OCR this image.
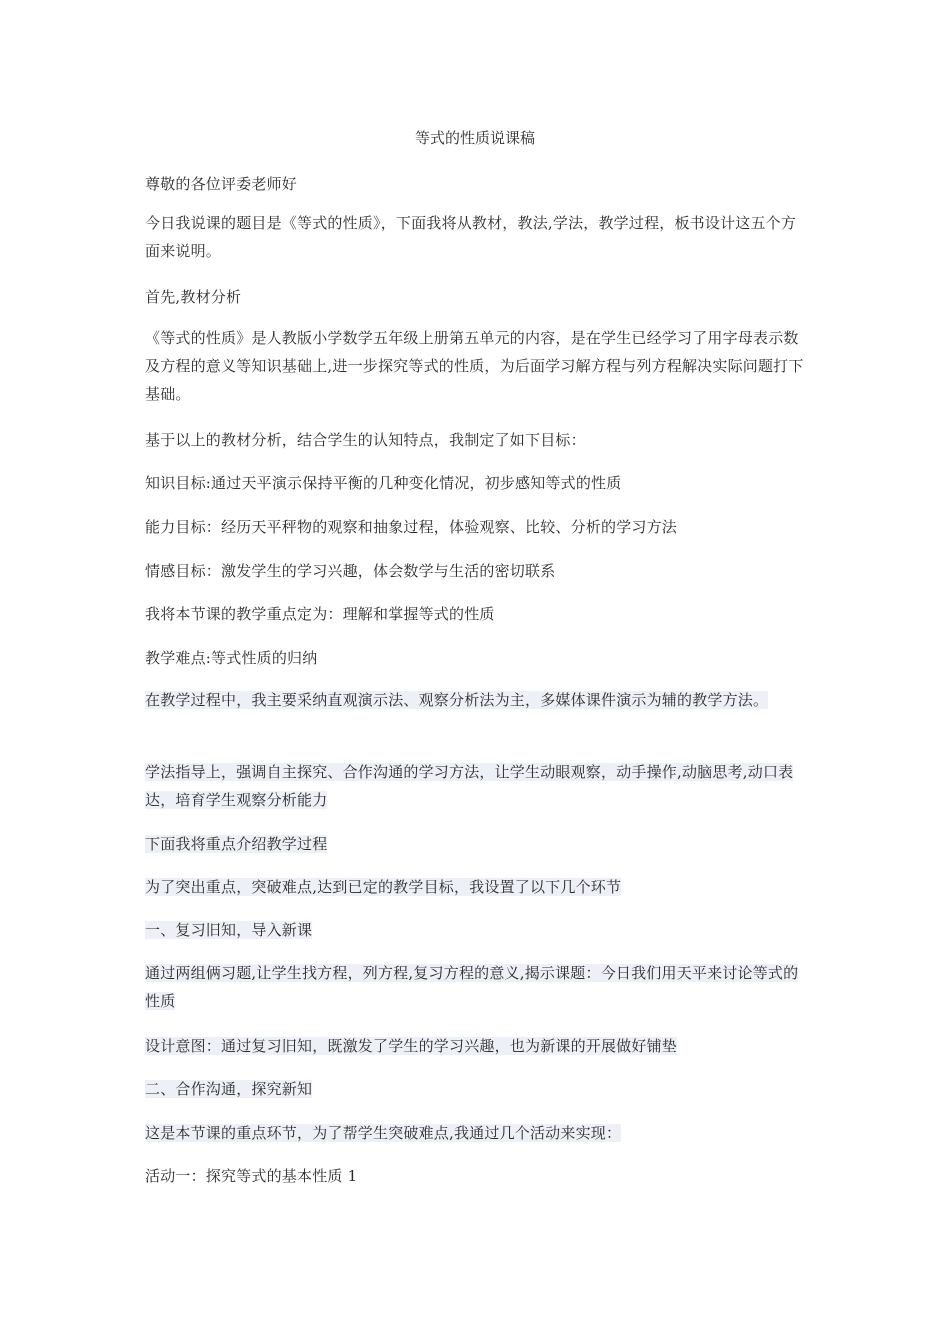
等式的性质说课稿

尊敬的各位评委老师好

今日我说课的题目是《等式的性质》，下面我将从教材，教法,学法，教学过程，板书设计这五个方面来说明。

首先,教材分析

《等式的性质》是人教版小学数学五年级上册第五单元的内容，是在学生已经学习了用字母表示数及方程的意义等知识基础上,进一步探究等式的性质，为后面学习解方程与列方程解决实际问题打下基础。

基于以上的教材分析，结合学生的认知特点，我制定了如下目标：

知识目标:通过天平演示保持平衡的几种变化情况，初步感知等式的性质

能力目标：经历天平秤物的观察和抽象过程，体验观察、比较、分析的学习方法

情感目标：激发学生的学习兴趣，体会数学与生活的密切联系

我将本节课的教学重点定为：理解和掌握等式的性质

教学难点:等式性质的归纳

在教学过程中，我主要采纳直观演示法、观察分析法为主，多媒体课件演示为辅的教学方法。

学法指导上，强调自主探究、合作沟通的学习方法，让学生动眼观察，动手操作,动脑思考,动口表达，培育学生观察分析能力

下面我将重点介绍教学过程

为了突出重点，突破难点,达到已定的教学目标，我设置了以下几个环节

一、复习旧知，导入新课

通过两组俩习题,让学生找方程，列方程,复习方程的意义,揭示课题：今日我们用天平来讨论等式的性质

设计意图：通过复习旧知，既激发了学生的学习兴趣，也为新课的开展做好铺垫

二、合作沟通，探究新知

这是本节课的重点环节，为了帮学生突破难点,我通过几个活动来实现：

活动一：探究等式的基本性质 1
